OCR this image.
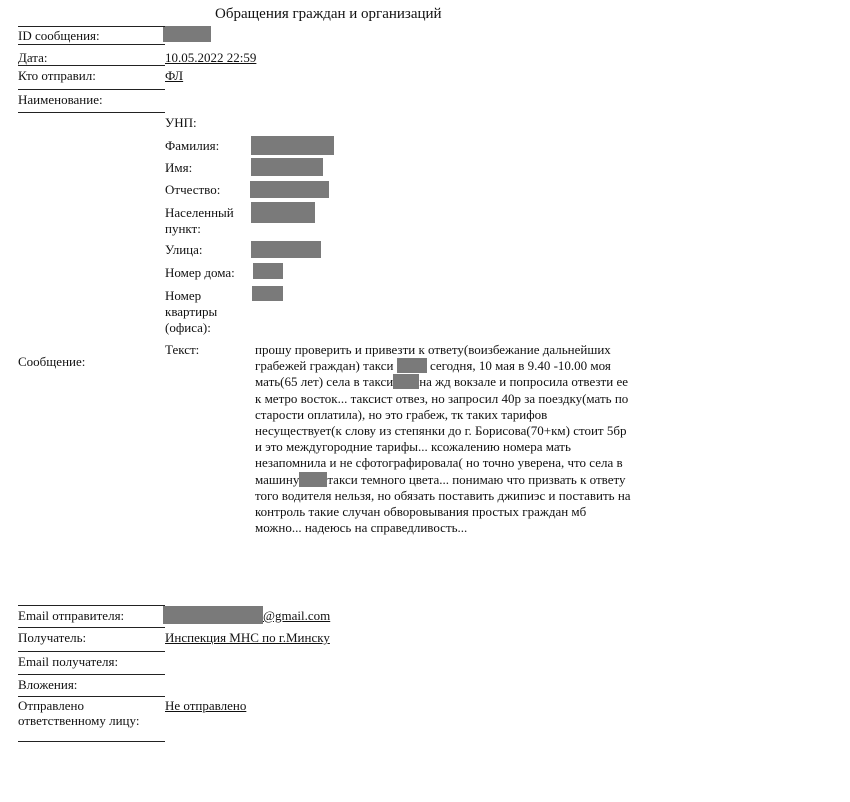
Обращения граждан и организаций
ID сообщения:
Дата:	10.05.2022 22:59
Кто отправил:	ФЛ
Наименование:
УНП:
Фамилия:
Имя:
Отчество:
Населенный
пункт:
Улица:
Номер дома:
Номер
квартиры
(офиса):
Текст:
Сообщение:
прошу проверить и привезти к ответу(воизбежание дальнейших
грабежей граждан) такси	сегодня, 10 мая в 9.40 -10.00 моя
мать(65 лет) села в такси на жд вокзале и попросила отвезти ее
к метро восток... таксист отвез, но запросил 40р за поездку(мать по
старости оплатила), но это грабеж, тк таких тарифов
несуществует(к слову из степянки до г. Борисова(70+км) стоит 5бр
и это междугородние тарифы... ксожалению номера мать
незапомнила и не сфотографировала( но точно уверена, что села в
машину такси темного цвета... понимаю что призвать к ответу
того водителя нельзя, но обязать поставить джипиэс и поставить на
контроль такие случан обворовывания простых граждан мб
можно... надеюсь на справедливость...
Email отправителя:	@gmail.com
Получатель:	Инспекция МНС по г.Минску
Email получателя:
Вложения:
Отправлено
ответственному лицу:
Не отправлено
